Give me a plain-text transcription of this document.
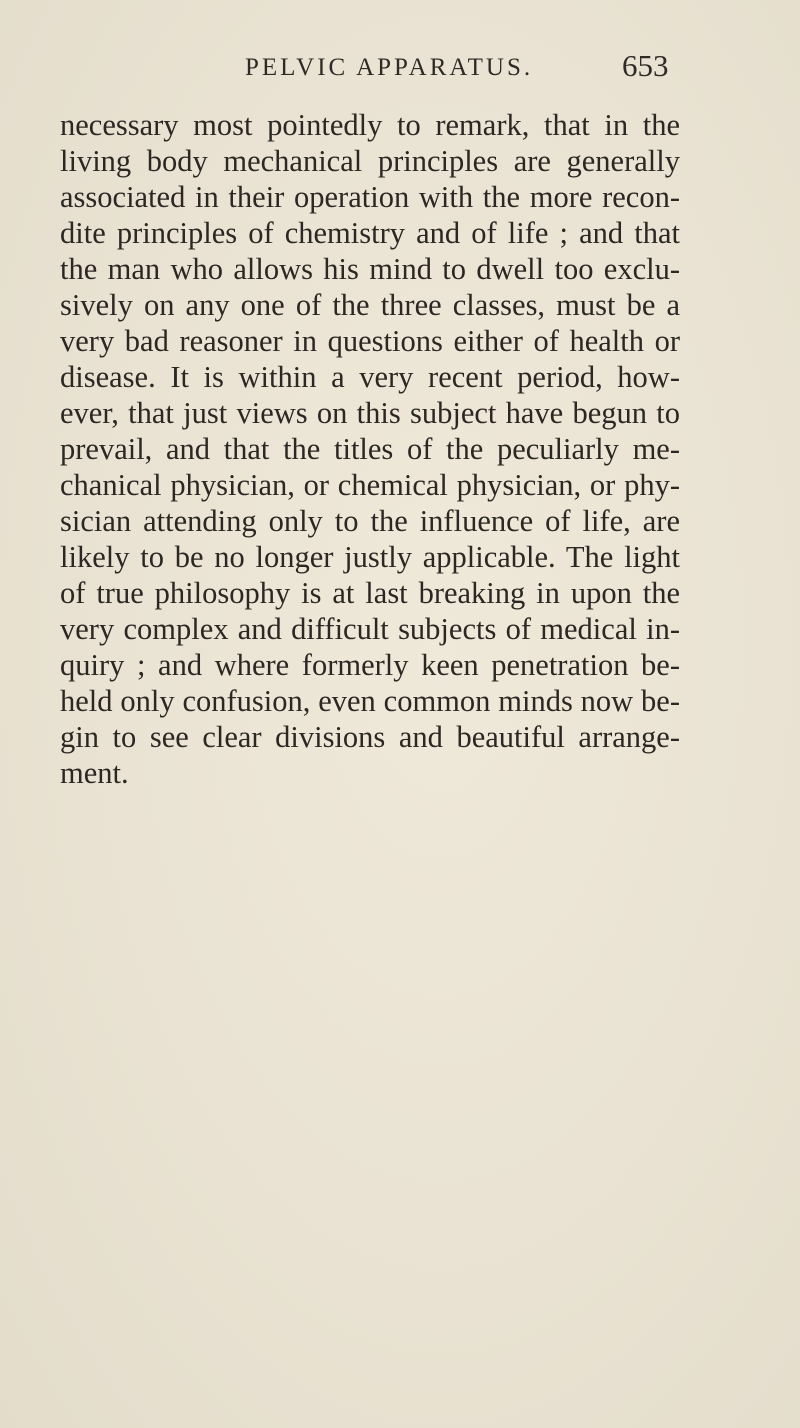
PELVIC APPARATUS.	653
necessary most pointedly to remark, that in the
living body mechanical principles are generally
associated in their operation with the more recon-
dite principles of chemistry and of life ; and that
the man who allows his mind to dwell too exclu-
sively on any one of the three classes, must be a
very bad reasoner in questions either of health or
disease. It is within a very recent period, how-
ever, that just views on this subject have begun to
prevail, and that the titles of the peculiarly me-
chanical physician, or chemical physician, or phy-
sician attending only to the influence of life, are
likely to be no longer justly applicable. The light
of true philosophy is at last breaking in upon the
very complex and difficult subjects of medical in-
quiry ; and where formerly keen penetration be-
held only confusion, even common minds now be-
gin to see clear divisions and beautiful arrange-
ment.
